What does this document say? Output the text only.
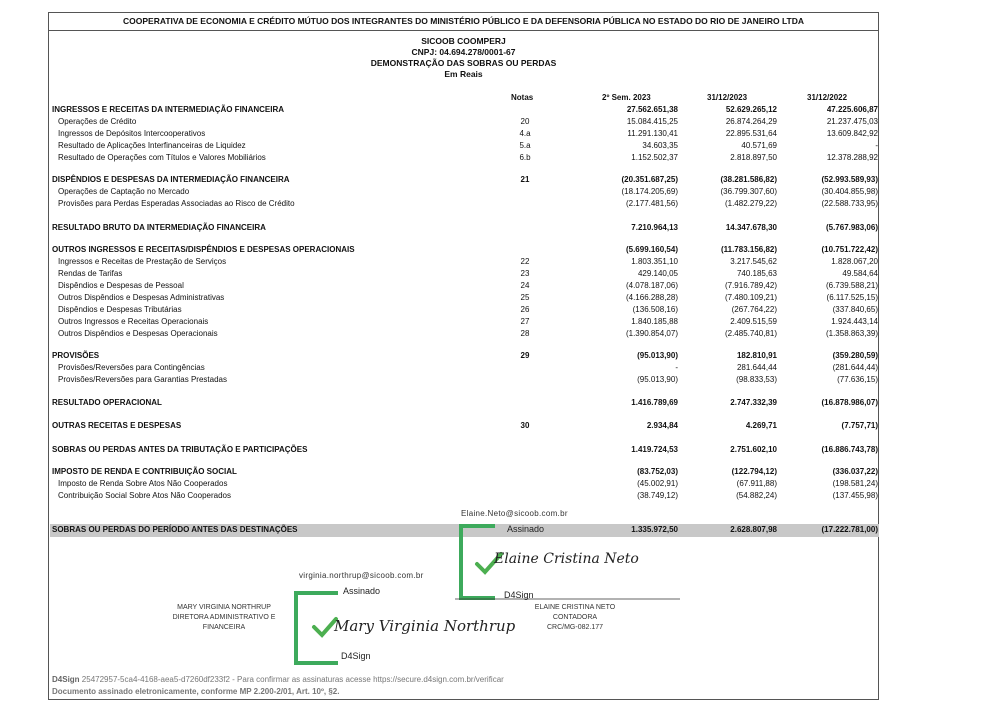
COOPERATIVA DE ECONOMIA E CRÉDITO MÚTUO DOS INTEGRANTES DO MINISTÉRIO PÚBLICO E DA DEFENSORIA PÚBLICA NO ESTADO DO RIO DE JANEIRO LTDA
SICOOB COOMPERJ
CNPJ: 04.694.278/0001-67
DEMONSTRAÇÃO DAS SOBRAS OU PERDAS
Em Reais
Notas	2º Sem. 2023	31/12/2023	31/12/2022
INGRESSOS E RECEITAS DA INTERMEDIAÇÃO FINANCEIRA	27.562.651,38	52.629.265,12	47.225.606,87
Operações de Crédito	20	15.084.415,25	26.874.264,29	21.237.475,03
Ingressos de Depósitos Intercooperativos	4.a	11.291.130,41	22.895.531,64	13.609.842,92
Resultado de Aplicações Interfinanceiras de Liquidez	5.a	34.603,35	40.571,69	-
Resultado de Operações com Títulos e Valores Mobiliários	6.b	1.152.502,37	2.818.897,50	12.378.288,92
DISPÊNDIOS E DESPESAS DA INTERMEDIAÇÃO FINANCEIRA	21	(20.351.687,25)	(38.281.586,82)	(52.993.589,93)
Operações de Captação no Mercado	(18.174.205,69)	(36.799.307,60)	(30.404.855,98)
Provisões para Perdas Esperadas Associadas ao Risco de Crédito	(2.177.481,56)	(1.482.279,22)	(22.588.733,95)
RESULTADO BRUTO DA INTERMEDIAÇÃO FINANCEIRA	7.210.964,13	14.347.678,30	(5.767.983,06)
OUTROS INGRESSOS E RECEITAS/DISPÊNDIOS E DESPESAS OPERACIONAIS	(5.699.160,54)	(11.783.156,82)	(10.751.722,42)
Ingressos e Receitas de Prestação de Serviços	22	1.803.351,10	3.217.545,62	1.828.067,20
Rendas de Tarifas	23	429.140,05	740.185,63	49.584,64
Dispêndios e Despesas de Pessoal	24	(4.078.187,06)	(7.916.789,42)	(6.739.588,21)
Outros Dispêndios e Despesas Administrativas	25	(4.166.288,28)	(7.480.109,21)	(6.117.525,15)
Dispêndios e Despesas Tributárias	26	(136.508,16)	(267.764,22)	(337.840,65)
Outros Ingressos e Receitas Operacionais	27	1.840.185,88	2.409.515,59	1.924.443,14
Outros Dispêndios e Despesas Operacionais	28	(1.390.854,07)	(2.485.740,81)	(1.358.863,39)
PROVISÕES	29	(95.013,90)	182.810,91	(359.280,59)
Provisões/Reversões para Contingências	-	281.644,44	(281.644,44)
Provisões/Reversões para Garantias Prestadas	(95.013,90)	(98.833,53)	(77.636,15)
RESULTADO OPERACIONAL	1.416.789,69	2.747.332,39	(16.878.986,07)
OUTRAS RECEITAS E DESPESAS	30	2.934,84	4.269,71	(7.757,71)
SOBRAS OU PERDAS ANTES DA TRIBUTAÇÃO E PARTICIPAÇÕES	1.419.724,53	2.751.602,10	(16.886.743,78)
IMPOSTO DE RENDA E CONTRIBUIÇÃO SOCIAL	(83.752,03)	(122.794,12)	(336.037,22)
Imposto de Renda Sobre Atos Não Cooperados	(45.002,91)	(67.911,88)	(198.581,24)
Contribuição Social Sobre Atos Não Cooperados	(38.749,12)	(54.882,24)	(137.455,98)
SOBRAS OU PERDAS DO PERÍODO ANTES DAS DESTINAÇÕES	1.335.972,50	2.628.807,98	(17.222.781,00)
Elaine.Neto@sicoob.com.br
Assinado
Elaine Cristina Neto
D4Sign
ELAINE CRISTINA NETO
CONTADORA
CRC/MG-082.177
virginia.northrup@sicoob.com.br
Assinado
Mary Virginia Northrup
D4Sign
MARY VIRGINIA NORTHRUP
DIRETORA ADMINISTRATIVO E
FINANCEIRA
D4Sign 25472957-5ca4-4168-aea5-d7260df233f2 - Para confirmar as assinaturas acesse https://secure.d4sign.com.br/verificar
Documento assinado eletronicamente, conforme MP 2.200-2/01, Art. 10º, §2.
